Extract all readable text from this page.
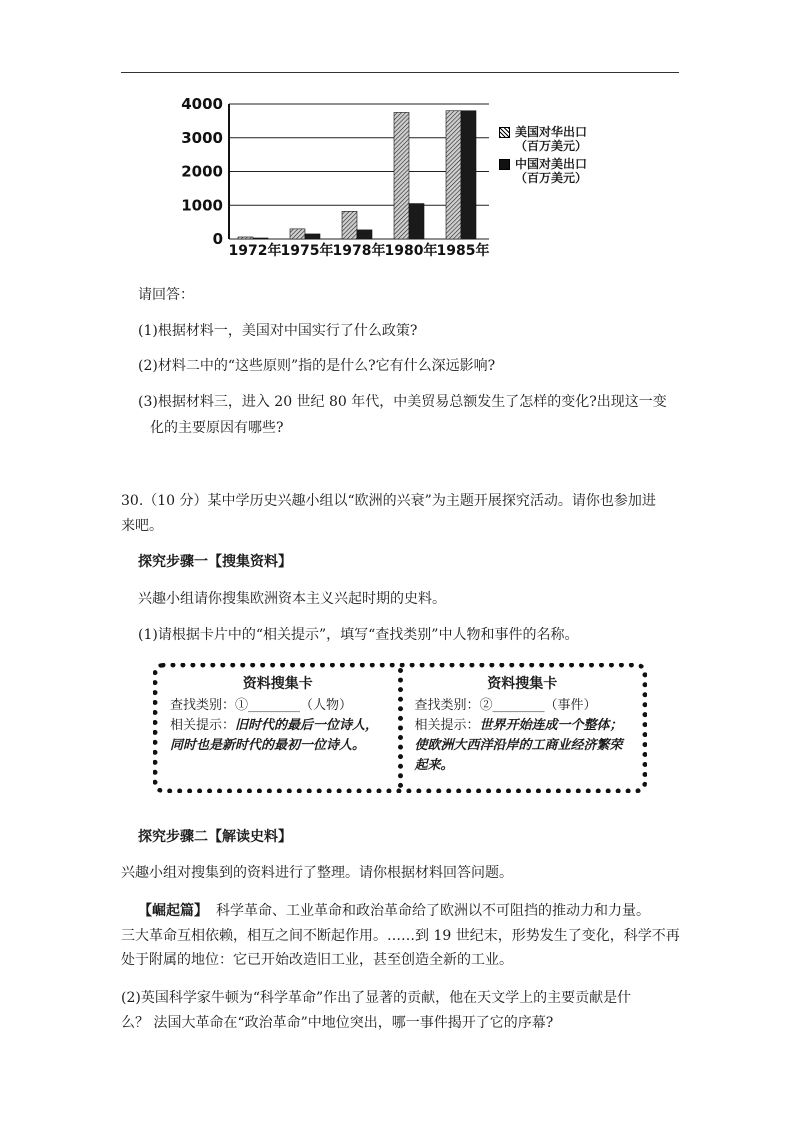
0
1000
2000
3000
4000
1972年 1975年 1978年 1980年 1985年
美国对华出口
（百万美元）
中国对美出口
（百万美元）
请回答：
(1)根据材料一，美国对中国实行了什么政策?
(2)材料二中的“这些原则”指的是什么?它有什么深远影响?
(3)根据材料三，进入 20 世纪 80 年代，中美贸易总额发生了怎样的变化?出现这一变
化的主要原因有哪些?
30.（10 分）某中学历史兴趣小组以“欧洲的兴衰”为主题开展探究活动。请你也参加进
来吧。
探究步骤一【搜集资料】
兴趣小组请你搜集欧洲资本主义兴起时期的史料。
(1)请根据卡片中的“相关提示”，填写“查找类别”中人物和事件的名称。
资料搜集卡
查找类别：①________（人物）
相关提示：旧时代的最后一位诗人，同时也是新时代的最初一位诗人。
资料搜集卡
查找类别：②________（事件）
相关提示：世界开始连成一个整体；使欧洲大西洋沿岸的工商业经济繁荣起来。
探究步骤二【解读史料】
兴趣小组对搜集到的资料进行了整理。请你根据材料回答问题。
【崛起篇】 科学革命、工业革命和政治革命给了欧洲以不可阻挡的推动力和力量。
三大革命互相依赖，相互之间不断起作用。……到 19 世纪末，形势发生了变化，科学不再
处于附属的地位：它已开始改造旧工业，甚至创造全新的工业。
(2)英国科学家牛顿为“科学革命”作出了显著的贡献，他在天文学上的主要贡献是什
么？ 法国大革命在“政治革命”中地位突出，哪一事件揭开了它的序幕?
